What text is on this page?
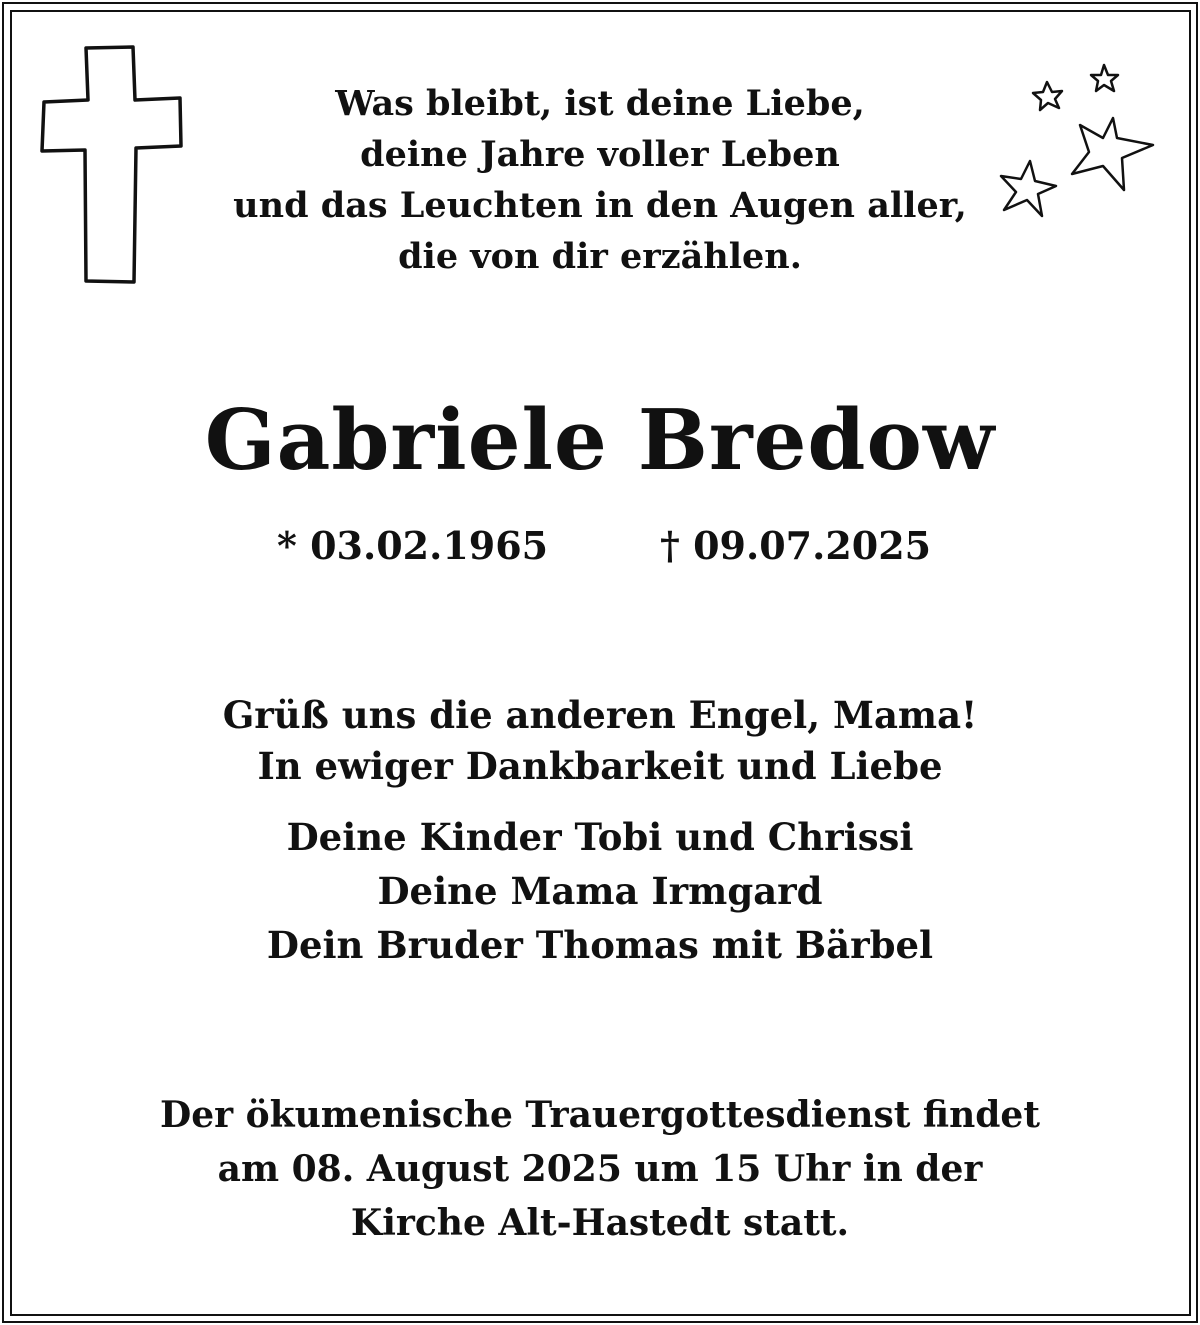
Was bleibt, ist deine Liebe,
deine Jahre voller Leben
und das Leuchten in den Augen aller,
die von dir erzählen.
Gabriele Bredow
* 03.02.1965	† 09.07.2025
Grüß uns die anderen Engel, Mama!
In ewiger Dankbarkeit und Liebe
Deine Kinder Tobi und Chrissi
Deine Mama Irmgard
Dein Bruder Thomas mit Bärbel
Der ökumenische Trauergottesdienst findet
am 08. August 2025 um 15 Uhr in der
Kirche Alt-Hastedt statt.
